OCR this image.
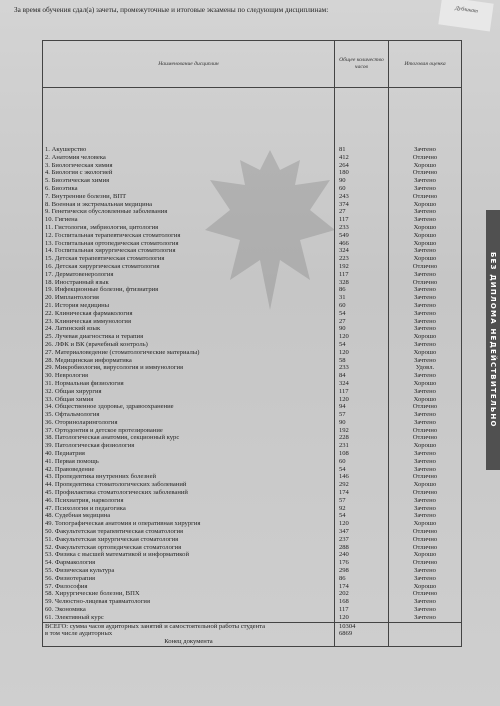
За время обучения сдал(а) зачеты, промежуточные и итоговые экзамены по следующим дисциплинам:	Дубликат
Наименование дисциплин	Общее количество часов	Итоговая оценка

1. Акушерство	81	Зачтено
2. Анатомия человека	412	Отлично
3. Биологическая химия	264	Хорошо
4. Биология с экологией	180	Отлично
5. Биоэтическая химия	90	Зачтено
6. Биоэтика	60	Зачтено
7. Внутренние болезни, ВПТ	243	Отлично
8. Военная и экстремальная медицина	374	Хорошо
9. Генетически обусловленные заболевания	27	Зачтено
10. Гигиена	117	Зачтено
11. Гистология, эмбриология, цитология	233	Хорошо
12. Госпитальная терапевтическая стоматология	549	Хорошо
13. Госпитальная ортопедическая стоматология	466	Хорошо
14. Госпитальная хирургическая стоматология	324	Зачтено
15. Детская терапевтическая стоматология	223	Хорошо
16. Детская хирургическая стоматология	192	Отлично
17. Дерматовенерология	117	Зачтено
18. Иностранный язык	328	Отлично
19. Инфекционные болезни, фтизиатрия	86	Зачтено
20. Имплантология	31	Зачтено
21. История медицины	60	Зачтено
22. Клиническая фармакология	54	Зачтено
23. Клиническая иммунология	27	Зачтено
24. Латинский язык	90	Зачтено
25. Лучевая диагностика и терапия	120	Хорошо
26. ЛФК и ВК (врачебный контроль)	54	Зачтено
27. Материаловедение (стоматологические материалы)	120	Хорошо
28. Медицинская информатика	58	Зачтено
29. Микробиология, вирусология и иммунология	233	Удовл.
30. Неврология	84	Зачтено
31. Нормальная физиология	324	Хорошо
32. Общая хирургия	117	Зачтено
33. Общая химия	120	Хорошо
34. Общественное здоровье, здравоохранение	94	Отлично
35. Офтальмология	57	Зачтено
36. Оториноларингология	90	Зачтено
37. Ортодонтия и детское протезирование	192	Отлично
38. Патологическая анатомия, секционный курс	228	Отлично
39. Патологическая физиология	231	Хорошо
40. Педиатрия	108	Зачтено
41. Первая помощь	60	Зачтено
42. Правоведение	54	Зачтено
43. Пропедевтика внутренних болезней	146	Отлично
44. Пропедевтика стоматологических заболеваний	292	Хорошо
45. Профилактика стоматологических заболеваний	174	Отлично
46. Психиатрия, наркология	57	Зачтено
47. Психология и педагогика	92	Зачтено
48. Судебная медицина	54	Зачтено
49. Топографическая анатомия и оперативная хирургия	120	Хорошо
50. Факультетская терапевтическая стоматология	347	Отлично
51. Факультетская хирургическая стоматология	237	Отлично
52. Факультетская ортопедическая стоматология	288	Отлично
53. Физика с высшей математикой и информатикой	240	Хорошо
54. Фармакология	176	Отлично
55. Физическая культура	298	Зачтено
56. Физиотерапия	86	Зачтено
57. Философия	174	Хорошо
58. Хирургические болезни, ВПХ	202	Отлично
59. Челюстно-лицевая травматология	168	Зачтено
60. Экономика	117	Зачтено
61. Элективный курс	120	Зачтено
ВСЕГО: сумма часов аудиторных занятий и самостоятельной работы студента	10304	
в том числе аудиторных	6869	
Конец документа		
БЕЗ ДИПЛОМА НЕДЕЙСТВИТЕЛЬНО
